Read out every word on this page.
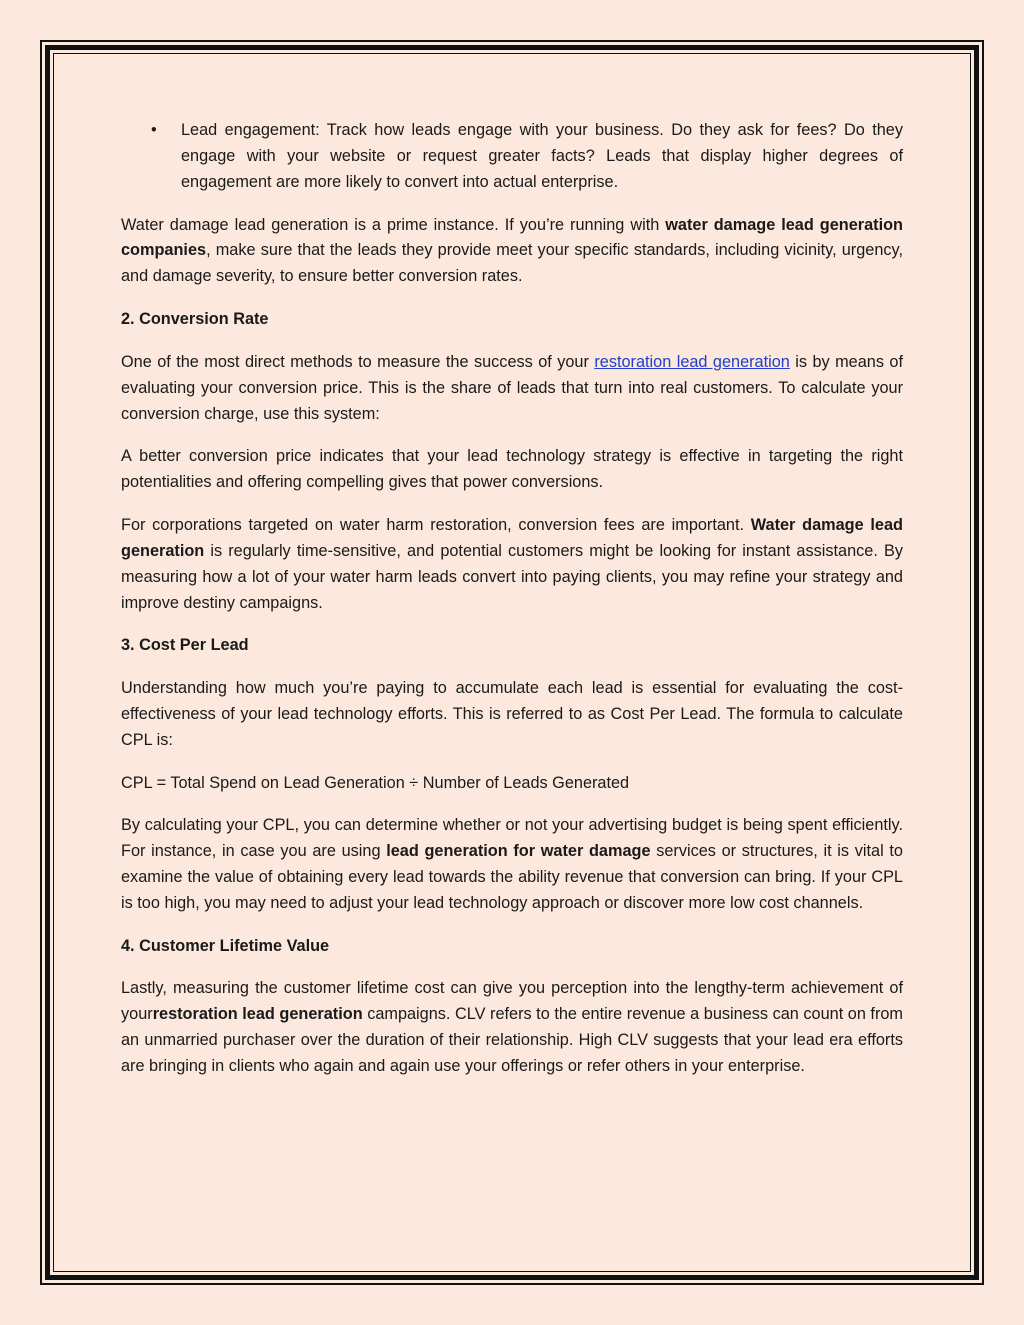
• Lead engagement: Track how leads engage with your business. Do they ask for fees? Do they engage with your website or request greater facts? Leads that display higher degrees of engagement are more likely to convert into actual enterprise.

Water damage lead generation is a prime instance. If you’re running with water damage lead generation companies, make sure that the leads they provide meet your specific standards, including vicinity, urgency, and damage severity, to ensure better conversion rates.

2. Conversion Rate

One of the most direct methods to measure the success of your restoration lead generation is by means of evaluating your conversion price. This is the share of leads that turn into real customers. To calculate your conversion charge, use this system:

A better conversion price indicates that your lead technology strategy is effective in targeting the right potentialities and offering compelling gives that power conversions.

For corporations targeted on water harm restoration, conversion fees are important. Water damage lead generation is regularly time-sensitive, and potential customers might be looking for instant assistance. By measuring how a lot of your water harm leads convert into paying clients, you may refine your strategy and improve destiny campaigns.

3. Cost Per Lead

Understanding how much you’re paying to accumulate each lead is essential for evaluating the cost-effectiveness of your lead technology efforts. This is referred to as Cost Per Lead. The formula to calculate CPL is:

CPL = Total Spend on Lead Generation ÷ Number of Leads Generated

By calculating your CPL, you can determine whether or not your advertising budget is being spent efficiently. For instance, in case you are using lead generation for water damage services or structures, it is vital to examine the value of obtaining every lead towards the ability revenue that conversion can bring. If your CPL is too high, you may need to adjust your lead technology approach or discover more low cost channels.

4. Customer Lifetime Value

Lastly, measuring the customer lifetime cost can give you perception into the lengthy-term achievement of yourrestoration lead generation campaigns. CLV refers to the entire revenue a business can count on from an unmarried purchaser over the duration of their relationship. High CLV suggests that your lead era efforts are bringing in clients who again and again use your offerings or refer others in your enterprise.
